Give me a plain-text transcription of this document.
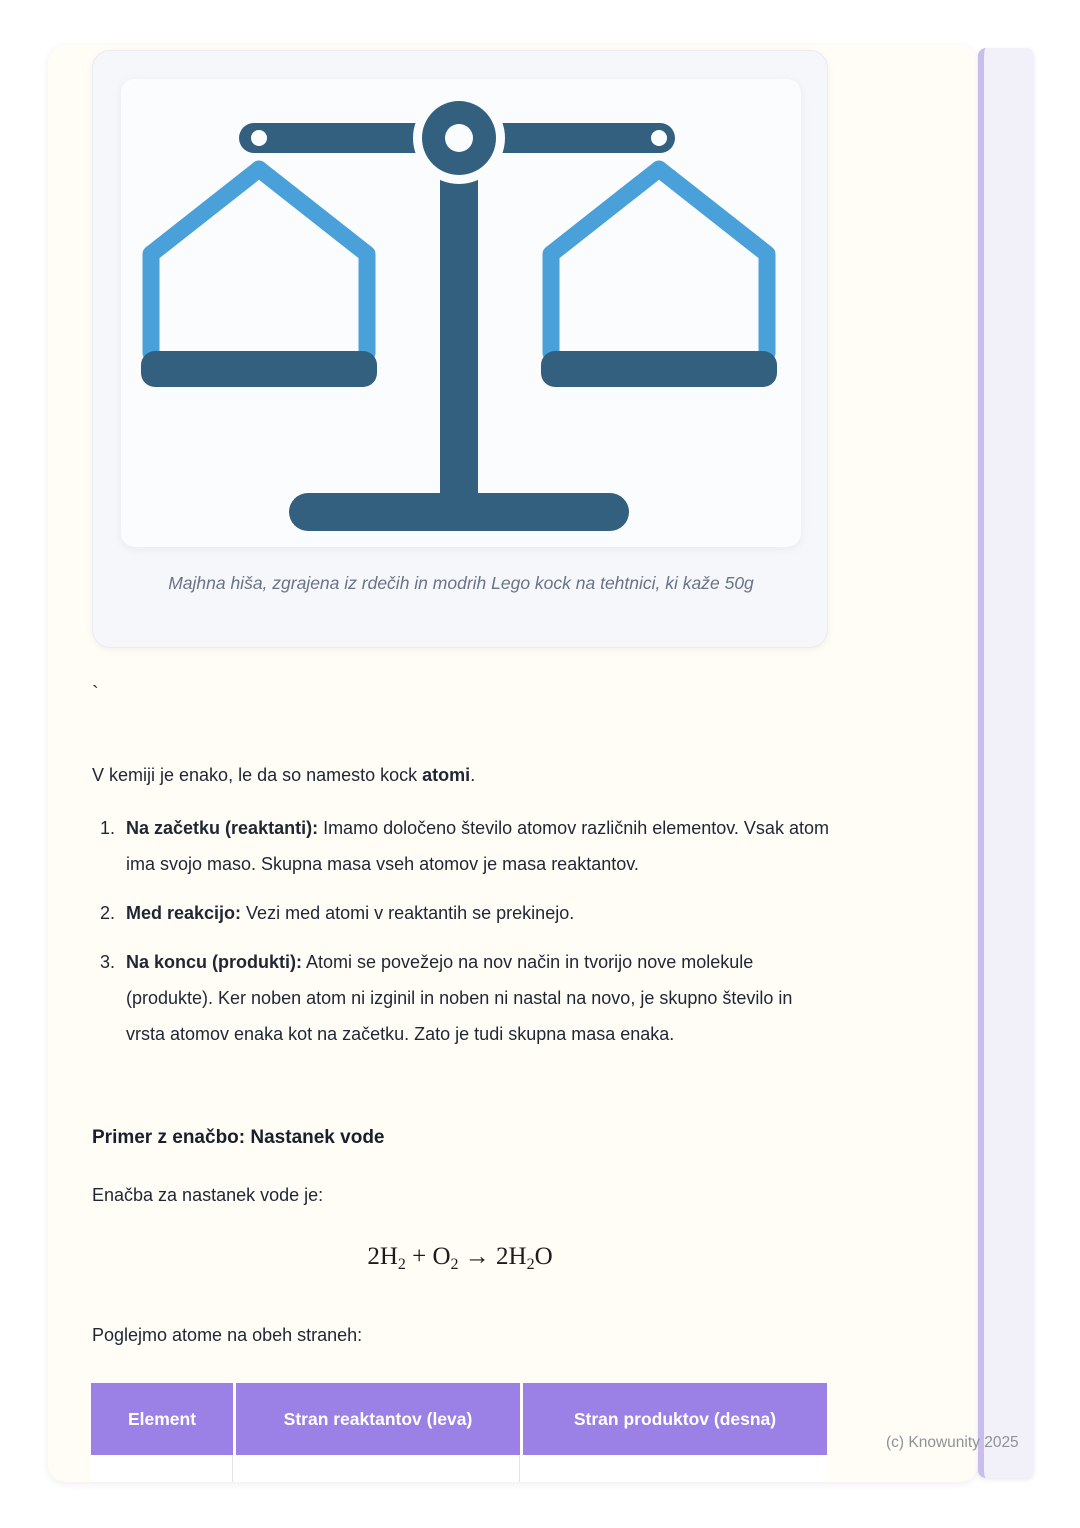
Majhna hiša, zgrajena iz rdečih in modrih Lego kock na tehtnici, ki kaže 50g
`

V kemiji je enako, le da so namesto kock atomi.

1. Na začetku (reaktanti): Imamo določeno število atomov različnih elementov. Vsak atom ima svojo maso. Skupna masa vseh atomov je masa reaktantov.
2. Med reakcijo: Vezi med atomi v reaktantih se prekinejo.
3. Na koncu (produkti): Atomi se povežejo na nov način in tvorijo nove molekule (produkte). Ker noben atom ni izginil in noben ni nastal na novo, je skupno število in vrsta atomov enaka kot na začetku. Zato je tudi skupna masa enaka.
Primer z enačbo: Nastanek vode
Enačba za nastanek vode je:
$2H_2 + O_2 \to 2H_2O$
Poglejmo atome na obeh straneh:
Element	Stran reaktantov (leva)	Stran produktov (desna)
(c) Knowunity 2025
